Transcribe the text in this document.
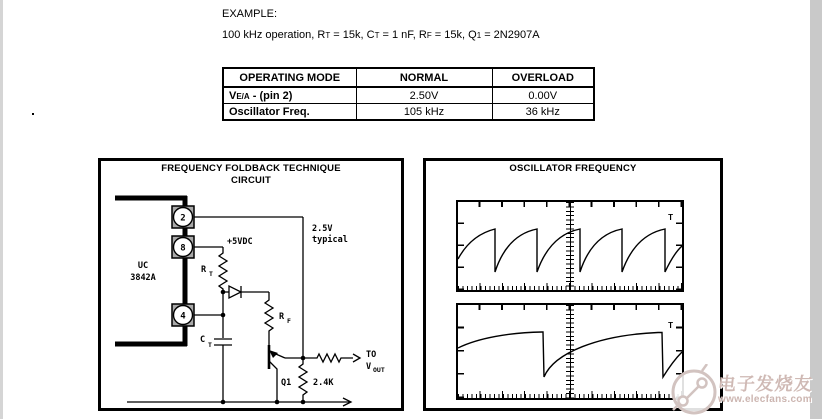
EXAMPLE:
100 kHz operation, RT = 15k, CT = 1 nF, RF = 15k, Q1 = 2N2907A
OPERATING MODE	NORMAL	OVERLOAD
VE/A - (pin 2)	2.50V	0.00V
Oscillator Freq.	105 kHz	36 kHz
FREQUENCY FOLDBACK TECHNIQUE
CIRCUIT
2
8
4
UC
3842A
+5VDC
R T
C T
R F
2.5V
typical
Q1	2.4K
TO
V OUT
OSCILLATOR FREQUENCY
T
T
电子发烧友
www.elecfans.com
